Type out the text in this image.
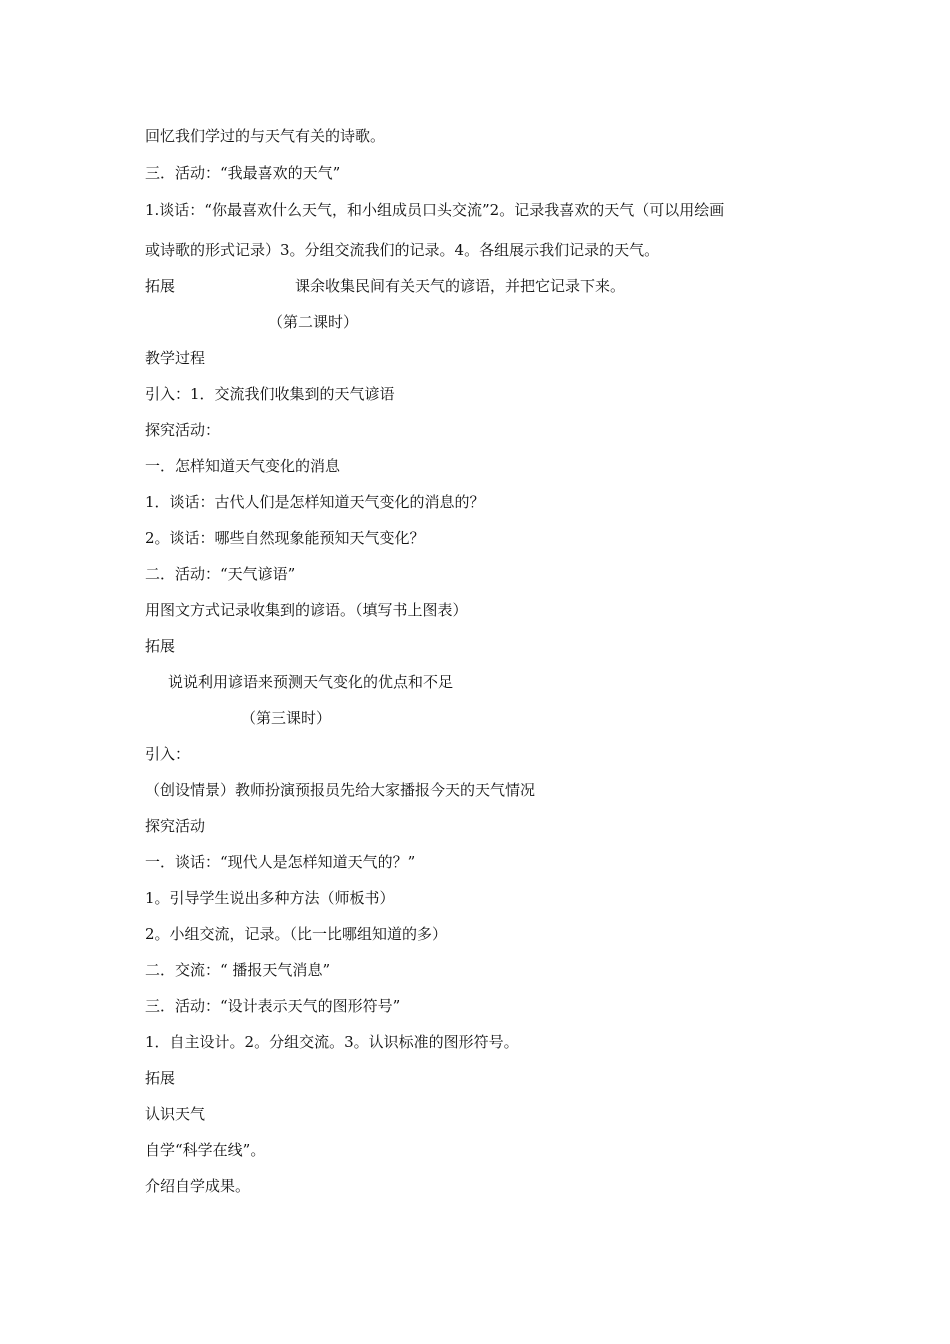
回忆我们学过的与天气有关的诗歌。
三．活动：“我最喜欢的天气”
1.谈话：“你最喜欢什么天气，和小组成员口头交流”2。记录我喜欢的天气（可以用绘画
或诗歌的形式记录）3。分组交流我们的记录。4。各组展示我们记录的天气。
拓展	课余收集民间有关天气的谚语，并把它记录下来。
（第二课时）
教学过程
引入：1．交流我们收集到的天气谚语
探究活动：
一．怎样知道天气变化的消息
1．谈话：古代人们是怎样知道天气变化的消息的？
2。谈话：哪些自然现象能预知天气变化？
二．活动：“天气谚语”
用图文方式记录收集到的谚语。（填写书上图表）
拓展
说说利用谚语来预测天气变化的优点和不足
（第三课时）
引入：
（创设情景）教师扮演预报员先给大家播报今天的天气情况
探究活动
一．谈话：“现代人是怎样知道天气的？”
1。引导学生说出多种方法（师板书）
2。小组交流，记录。（比一比哪组知道的多）
二．交流：“ 播报天气消息”
三．活动：“设计表示天气的图形符号”
1．自主设计。2。分组交流。3。认识标准的图形符号。
拓展
认识天气
自学“科学在线”。
介绍自学成果。
